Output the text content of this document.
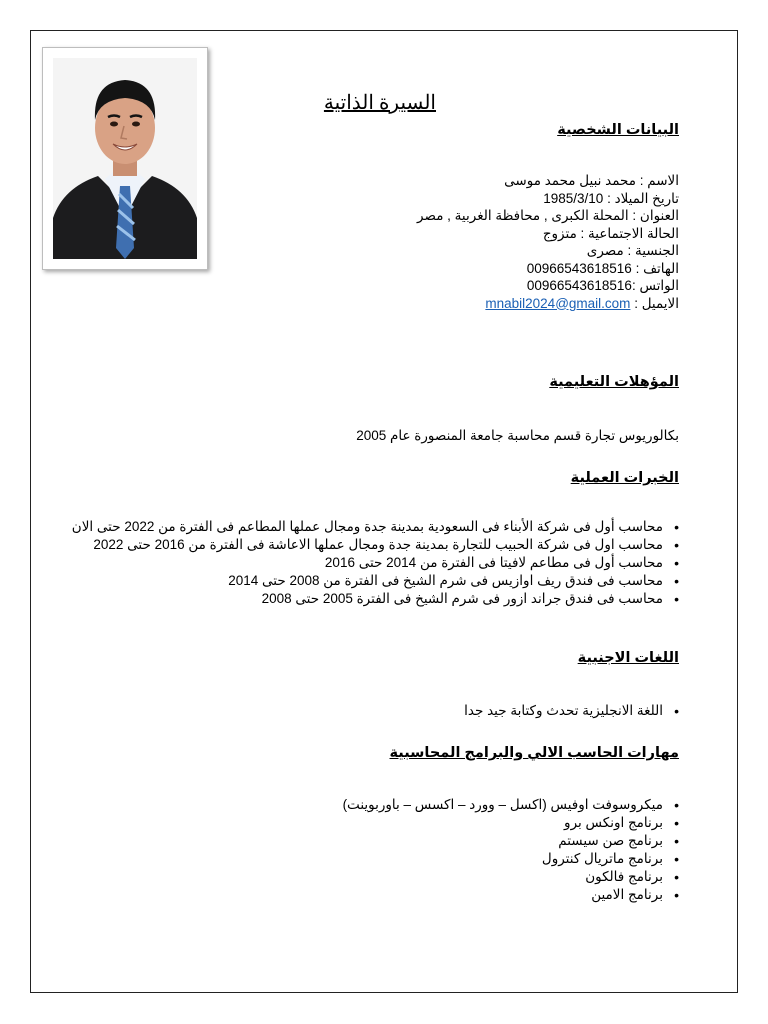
السيرة الذاتية
البيانات الشخصية
الاسم : محمد نبيل محمد موسى
تاريخ الميلاد : 1985/3/10
العنوان : المحلة الكبرى , محافظة الغربية , مصر
الحالة الاجتماعية : متزوج
الجنسية : مصرى
الهاتف : 00966543618516
الواتس :00966543618516
الايميل : mnabil2024@gmail.com
المؤهلات التعليمية
بكالوريوس تجارة قسم محاسبة جامعة المنصورة عام 2005
الخبرات العملية
•
محاسب أول فى شركة الأبناء فى السعودية بمدينة جدة ومجال عملها المطاعم فى الفترة من 2022 حتى الان
•
محاسب اول فى شركة الحبيب للتجارة بمدينة جدة ومجال عملها الاعاشة فى الفترة من 2016 حتى 2022
•
محاسب أول فى مطاعم لافيتا فى الفترة من 2014 حتى 2016
•
محاسب فى فندق ريف اوازيس فى شرم الشيخ فى الفترة من 2008 حتى 2014
•
محاسب فى فندق جراند ازور فى شرم الشيخ فى الفترة 2005 حتى 2008
اللغات الاجنبية
•
اللغة الانجليزية تحدث وكتابة جيد جدا
مهارات الحاسب الالي والبرامج المحاسبية
•
ميكروسوفت اوفيس (اكسل – وورد – اكسس – باوربوينت)
•
برنامج اونكس برو
•
برنامج صن سيستم
•
برنامج ماتريال كنترول
•
برنامج فالكون
•
برنامج الامين
